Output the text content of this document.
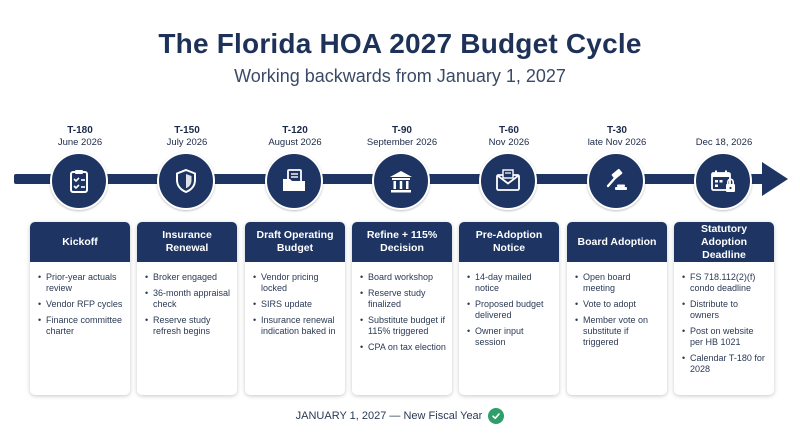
The Florida HOA 2027 Budget Cycle
Working backwards from January 1, 2027
T-180
June 2026
Kickoff
• Prior-year actuals review
• Vendor RFP cycles
• Finance committee charter
T-150
July 2026
Insurance Renewal
• Broker engaged
• 36-month appraisal check
• Reserve study refresh begins
T-120
August 2026
Draft Operating Budget
• Vendor pricing locked
• SIRS update
• Insurance renewal indication baked in
T-90
September 2026
Refine + 115% Decision
• Board workshop
• Reserve study finalized
• Substitute budget if 115% triggered
• CPA on tax election
T-60
Nov 2026
Pre-Adoption Notice
• 14-day mailed notice
• Proposed budget delivered
• Owner input session
T-30
late Nov 2026
Board Adoption
• Open board meeting
• Vote to adopt
• Member vote on substitute if triggered
Dec 18, 2026
Statutory Adoption Deadline
• FS 718.112(2)(f) condo deadline
• Distribute to owners
• Post on website per HB 1021
• Calendar T-180 for 2028
JANUARY 1, 2027 — New Fiscal Year
